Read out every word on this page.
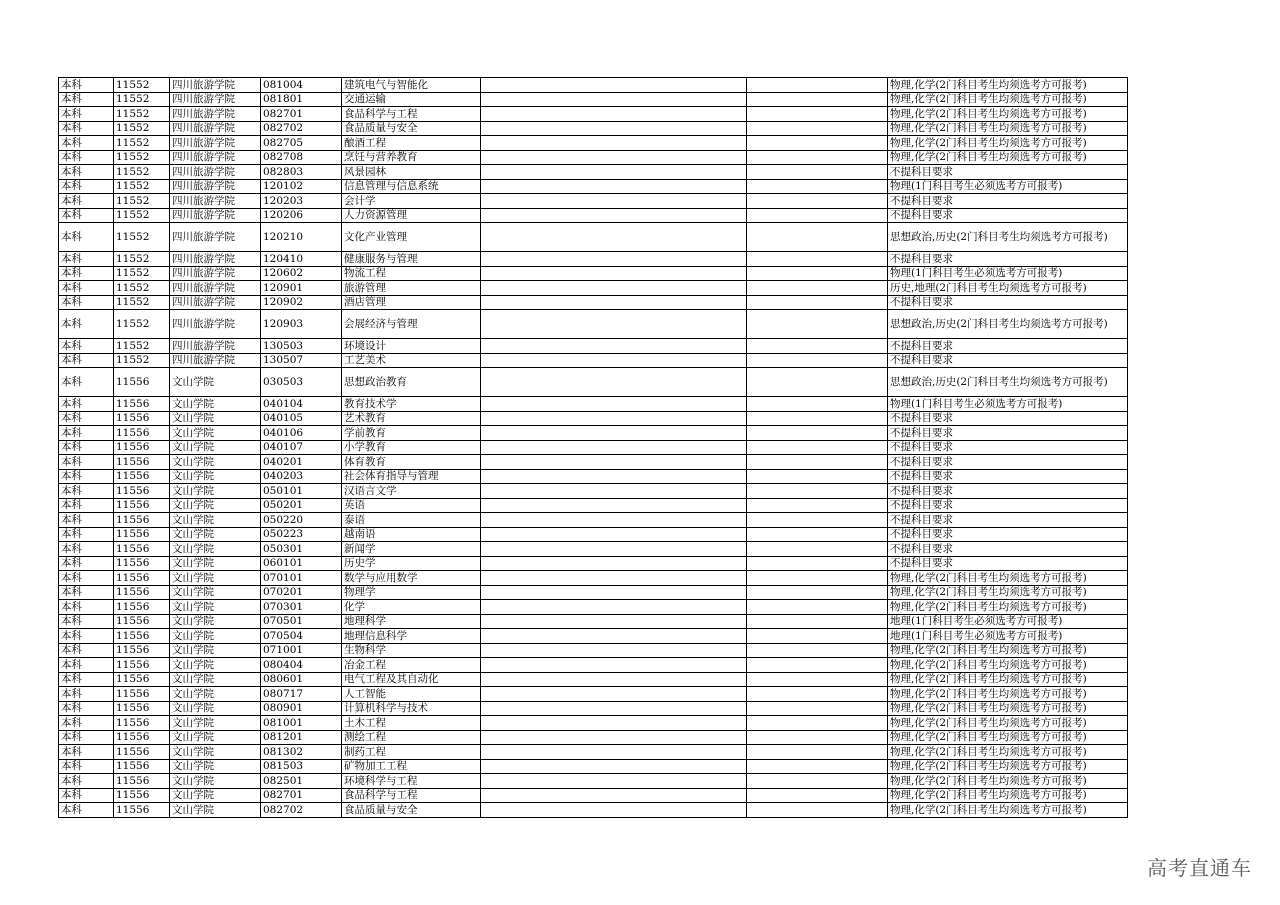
本科	11552	四川旅游学院	081004	建筑电气与智能化			物理,化学(2门科目考生均须选考方可报考)
本科	11552	四川旅游学院	081801	交通运输			物理,化学(2门科目考生均须选考方可报考)
本科	11552	四川旅游学院	082701	食品科学与工程			物理,化学(2门科目考生均须选考方可报考)
本科	11552	四川旅游学院	082702	食品质量与安全			物理,化学(2门科目考生均须选考方可报考)
本科	11552	四川旅游学院	082705	酿酒工程			物理,化学(2门科目考生均须选考方可报考)
本科	11552	四川旅游学院	082708	烹饪与营养教育			物理,化学(2门科目考生均须选考方可报考)
本科	11552	四川旅游学院	082803	风景园林			不提科目要求
本科	11552	四川旅游学院	120102	信息管理与信息系统			物理(1门科目考生必须选考方可报考)
本科	11552	四川旅游学院	120203	会计学			不提科目要求
本科	11552	四川旅游学院	120206	人力资源管理			不提科目要求
本科	11552	四川旅游学院	120210	文化产业管理			思想政治,历史(2门科目考生均须选考方可报考)
本科	11552	四川旅游学院	120410	健康服务与管理			不提科目要求
本科	11552	四川旅游学院	120602	物流工程			物理(1门科目考生必须选考方可报考)
本科	11552	四川旅游学院	120901	旅游管理			历史,地理(2门科目考生均须选考方可报考)
本科	11552	四川旅游学院	120902	酒店管理			不提科目要求
本科	11552	四川旅游学院	120903	会展经济与管理			思想政治,历史(2门科目考生均须选考方可报考)
本科	11552	四川旅游学院	130503	环境设计			不提科目要求
本科	11552	四川旅游学院	130507	工艺美术			不提科目要求
本科	11556	文山学院	030503	思想政治教育			思想政治,历史(2门科目考生均须选考方可报考)
本科	11556	文山学院	040104	教育技术学			物理(1门科目考生必须选考方可报考)
本科	11556	文山学院	040105	艺术教育			不提科目要求
本科	11556	文山学院	040106	学前教育			不提科目要求
本科	11556	文山学院	040107	小学教育			不提科目要求
本科	11556	文山学院	040201	体育教育			不提科目要求
本科	11556	文山学院	040203	社会体育指导与管理			不提科目要求
本科	11556	文山学院	050101	汉语言文学			不提科目要求
本科	11556	文山学院	050201	英语			不提科目要求
本科	11556	文山学院	050220	泰语			不提科目要求
本科	11556	文山学院	050223	越南语			不提科目要求
本科	11556	文山学院	050301	新闻学			不提科目要求
本科	11556	文山学院	060101	历史学			不提科目要求
本科	11556	文山学院	070101	数学与应用数学			物理,化学(2门科目考生均须选考方可报考)
本科	11556	文山学院	070201	物理学			物理,化学(2门科目考生均须选考方可报考)
本科	11556	文山学院	070301	化学			物理,化学(2门科目考生均须选考方可报考)
本科	11556	文山学院	070501	地理科学			地理(1门科目考生必须选考方可报考)
本科	11556	文山学院	070504	地理信息科学			地理(1门科目考生必须选考方可报考)
本科	11556	文山学院	071001	生物科学			物理,化学(2门科目考生均须选考方可报考)
本科	11556	文山学院	080404	冶金工程			物理,化学(2门科目考生均须选考方可报考)
本科	11556	文山学院	080601	电气工程及其自动化			物理,化学(2门科目考生均须选考方可报考)
本科	11556	文山学院	080717	人工智能			物理,化学(2门科目考生均须选考方可报考)
本科	11556	文山学院	080901	计算机科学与技术			物理,化学(2门科目考生均须选考方可报考)
本科	11556	文山学院	081001	土木工程			物理,化学(2门科目考生均须选考方可报考)
本科	11556	文山学院	081201	测绘工程			物理,化学(2门科目考生均须选考方可报考)
本科	11556	文山学院	081302	制药工程			物理,化学(2门科目考生均须选考方可报考)
本科	11556	文山学院	081503	矿物加工工程			物理,化学(2门科目考生均须选考方可报考)
本科	11556	文山学院	082501	环境科学与工程			物理,化学(2门科目考生均须选考方可报考)
本科	11556	文山学院	082701	食品科学与工程			物理,化学(2门科目考生均须选考方可报考)
本科	11556	文山学院	082702	食品质量与安全			物理,化学(2门科目考生均须选考方可报考)
高考直通车
